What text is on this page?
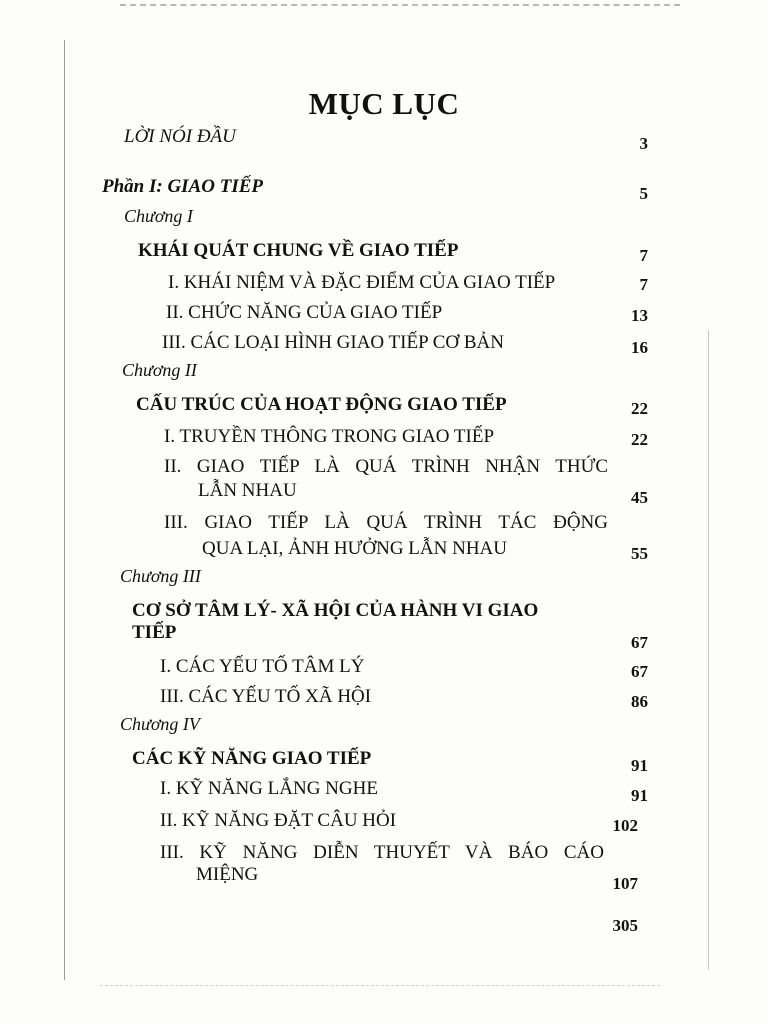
MỤC LỤC
LỜI NÓI ĐẦU	3
Phần I: GIAO TIẾP	5
Chương I
KHÁI QUÁT CHUNG VỀ GIAO TIẾP	7
I. KHÁI NIỆM VÀ ĐẶC ĐIỂM CỦA GIAO TIẾP	7
II. CHỨC NĂNG CỦA GIAO TIẾP	13
III. CÁC LOẠI HÌNH GIAO TIẾP CƠ BẢN	16
Chương II
CẤU TRÚC CỦA HOẠT ĐỘNG GIAO TIẾP	22
I. TRUYỀN THÔNG TRONG GIAO TIẾP	22
II. GIAO TIẾP LÀ QUÁ TRÌNH NHẬN THỨC
LẪN NHAU	45
III. GIAO TIẾP LÀ QUÁ TRÌNH TÁC ĐỘNG
QUA LẠI, ẢNH HƯỞNG LẪN NHAU	55
Chương III
CƠ SỞ TÂM LÝ- XÃ HỘI CỦA HÀNH VI GIAO
TIẾP	67
I. CÁC YẾU TỐ TÂM LÝ	67
III. CÁC YẾU TỐ XÃ HỘI	86
Chương IV
CÁC KỸ NĂNG GIAO TIẾP	91
I. KỸ NĂNG LẮNG NGHE	91
II. KỸ NĂNG ĐẶT CÂU HỎI	102
III. KỸ NĂNG DIỄN THUYẾT VÀ BÁO CÁO
MIỆNG	107
305
